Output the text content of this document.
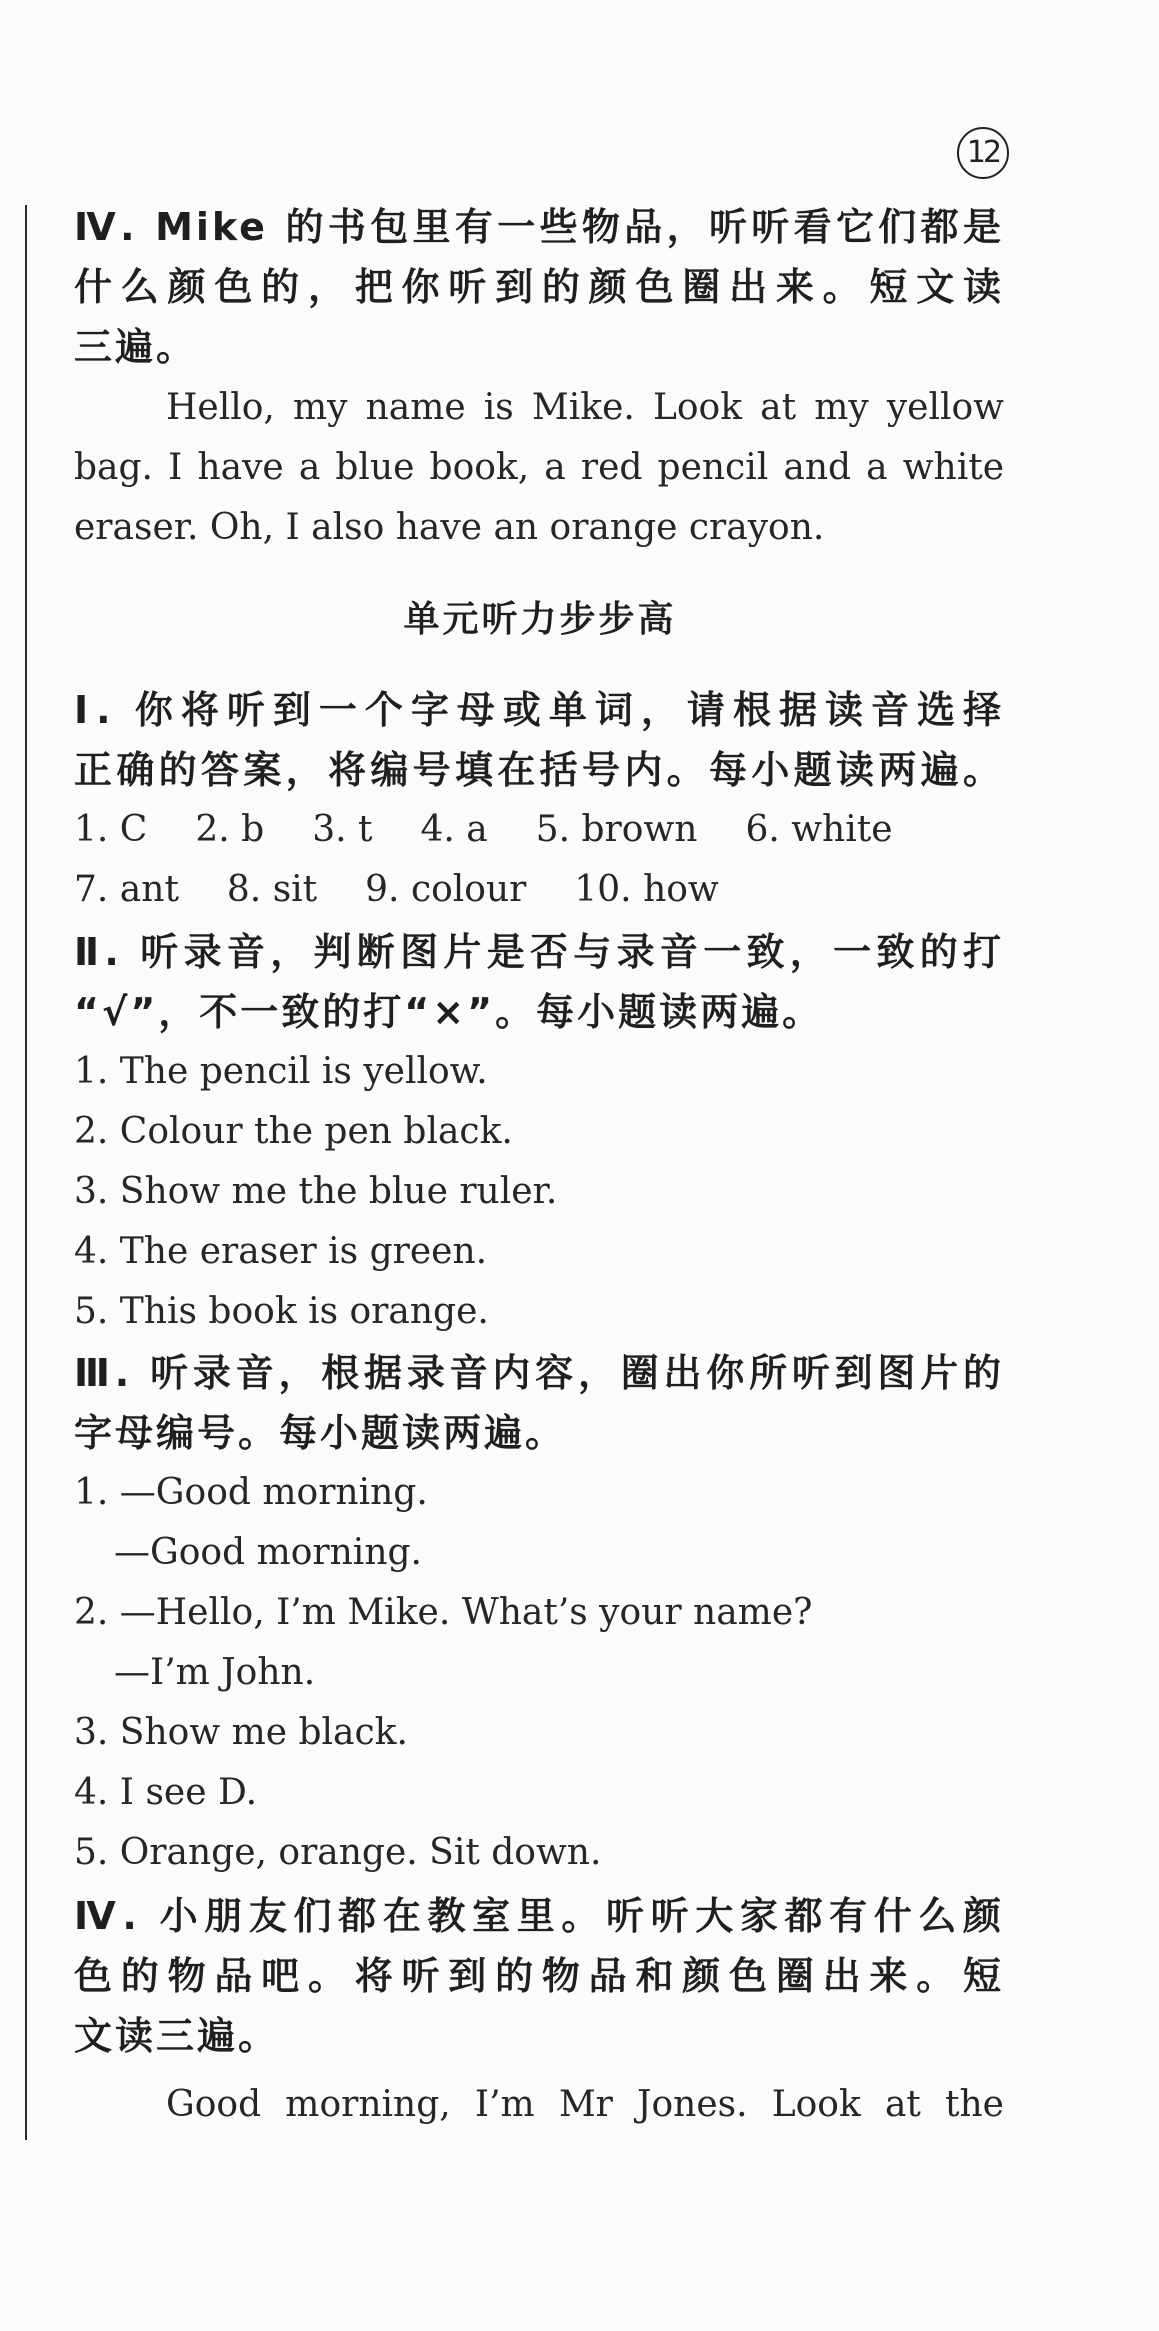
12
Ⅳ. Mike 的书包里有一些物品，听听看它们都是
什么颜色的，把你听到的颜色圈出来。短文读
三遍。
Hello, my name is Mike. Look at my yellow
bag. I have a blue book, a red pencil and a white
eraser. Oh, I also have an orange crayon.
单元听力步步高
Ⅰ. 你将听到一个字母或单词，请根据读音选择
正确的答案，将编号填在括号内。每小题读两遍。
1. C 2. b 3. t 4. a 5. brown 6. white
7. ant 8. sit 9. colour 10. how
Ⅱ. 听录音，判断图片是否与录音一致，一致的打
“√”，不一致的打“×”。每小题读两遍。
1. The pencil is yellow.
2. Colour the pen black.
3. Show me the blue ruler.
4. The eraser is green.
5. This book is orange.
Ⅲ. 听录音，根据录音内容，圈出你所听到图片的
字母编号。每小题读两遍。
1. —Good morning.
—Good morning.
2. —Hello, I’m Mike. What’s your name?
—I’m John.
3. Show me black.
4. I see D.
5. Orange, orange. Sit down.
Ⅳ. 小朋友们都在教室里。听听大家都有什么颜
色的物品吧。将听到的物品和颜色圈出来。短
文读三遍。
Good morning, I’m Mr Jones. Look at the
